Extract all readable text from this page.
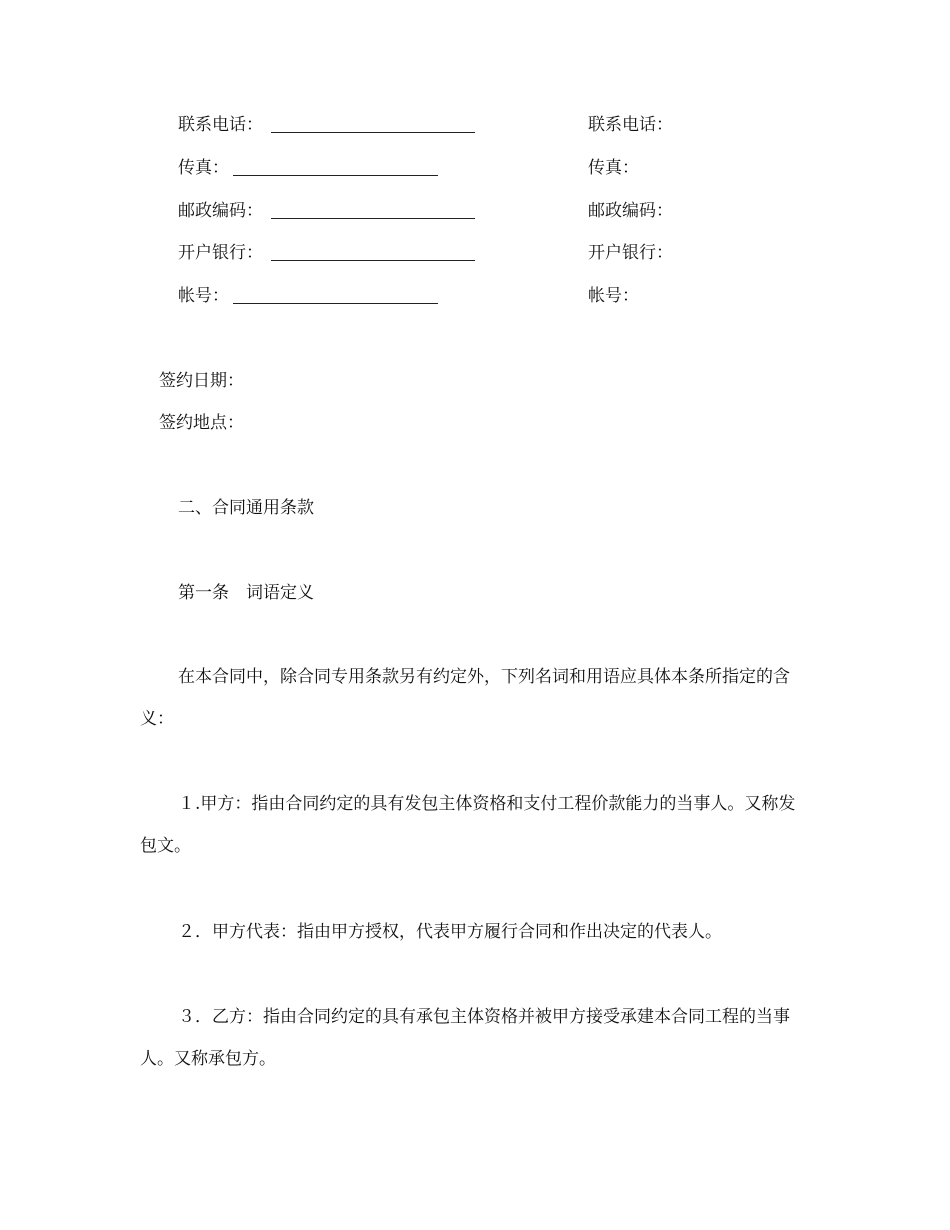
联系电话：
传真：
邮政编码：
开户银行：
帐号：
联系电话：
传真：
邮政编码：
开户银行：
帐号：
签约日期：
签约地点：
二、合同通用条款
第一条　词语定义
在本合同中，除合同专用条款另有约定外，下列名词和用语应具体本条所指定的含义：
１.甲方：指由合同约定的具有发包主体资格和支付工程价款能力的当事人。又称发包文。
２．甲方代表：指由甲方授权，代表甲方履行合同和作出决定的代表人。
３．乙方：指由合同约定的具有承包主体资格并被甲方接受承建本合同工程的当事人。又称承包方。
